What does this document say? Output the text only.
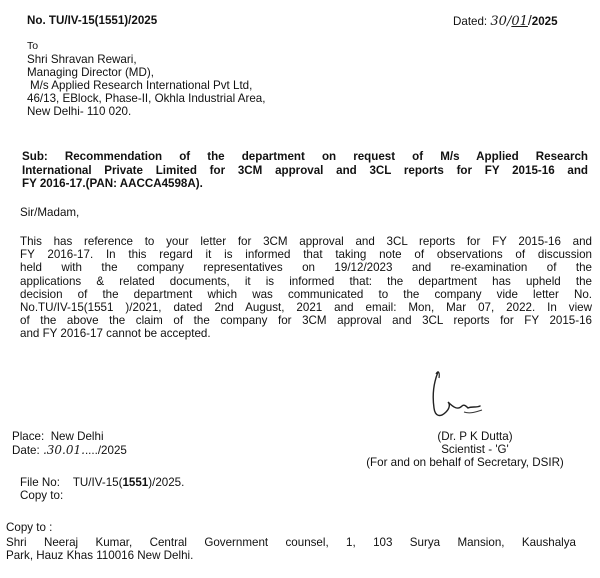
No. TU/IV-15(1551)/2025	Dated: 30/01/2025
To
Shri Shravan Rewari,
Managing Director (MD),
M/s Applied Research International Pvt Ltd,
46/13, EBlock, Phase-II, Okhla Industrial Area,
New Delhi- 110 020.
Sub: Recommendation of the department on request of M/s Applied Research
International Private Limited for 3CM approval and 3CL reports for FY 2015-16 and
FY 2016-17.(PAN: AACCA4598A).
Sir/Madam,
This has reference to your letter for 3CM approval and 3CL reports for FY 2015-16 and
FY 2016-17. In this regard it is informed that taking note of observations of discussion
held with the company representatives on 19/12/2023 and re-examination of the
applications & related documents, it is informed that: the department has upheld the
decision of the department which was communicated to the company vide letter No.
No.TU/IV-15(1551 )/2021, dated 2nd August, 2021 and email: Mon, Mar 07, 2022. In view
of the above the claim of the company for 3CM approval and 3CL reports for FY 2015-16
and FY 2016-17 cannot be accepted.
Place: New Delhi
Date: .30.01...../2025
(Dr. P K Dutta)
Scientist - 'G'
(For and on behalf of Secretary, DSIR)
File No: TU/IV-15(1551)/2025.
Copy to:
Copy to :
Shri Neeraj Kumar, Central Government counsel, 1, 103 Surya Mansion, Kaushalya
Park, Hauz Khas 110016 New Delhi.
